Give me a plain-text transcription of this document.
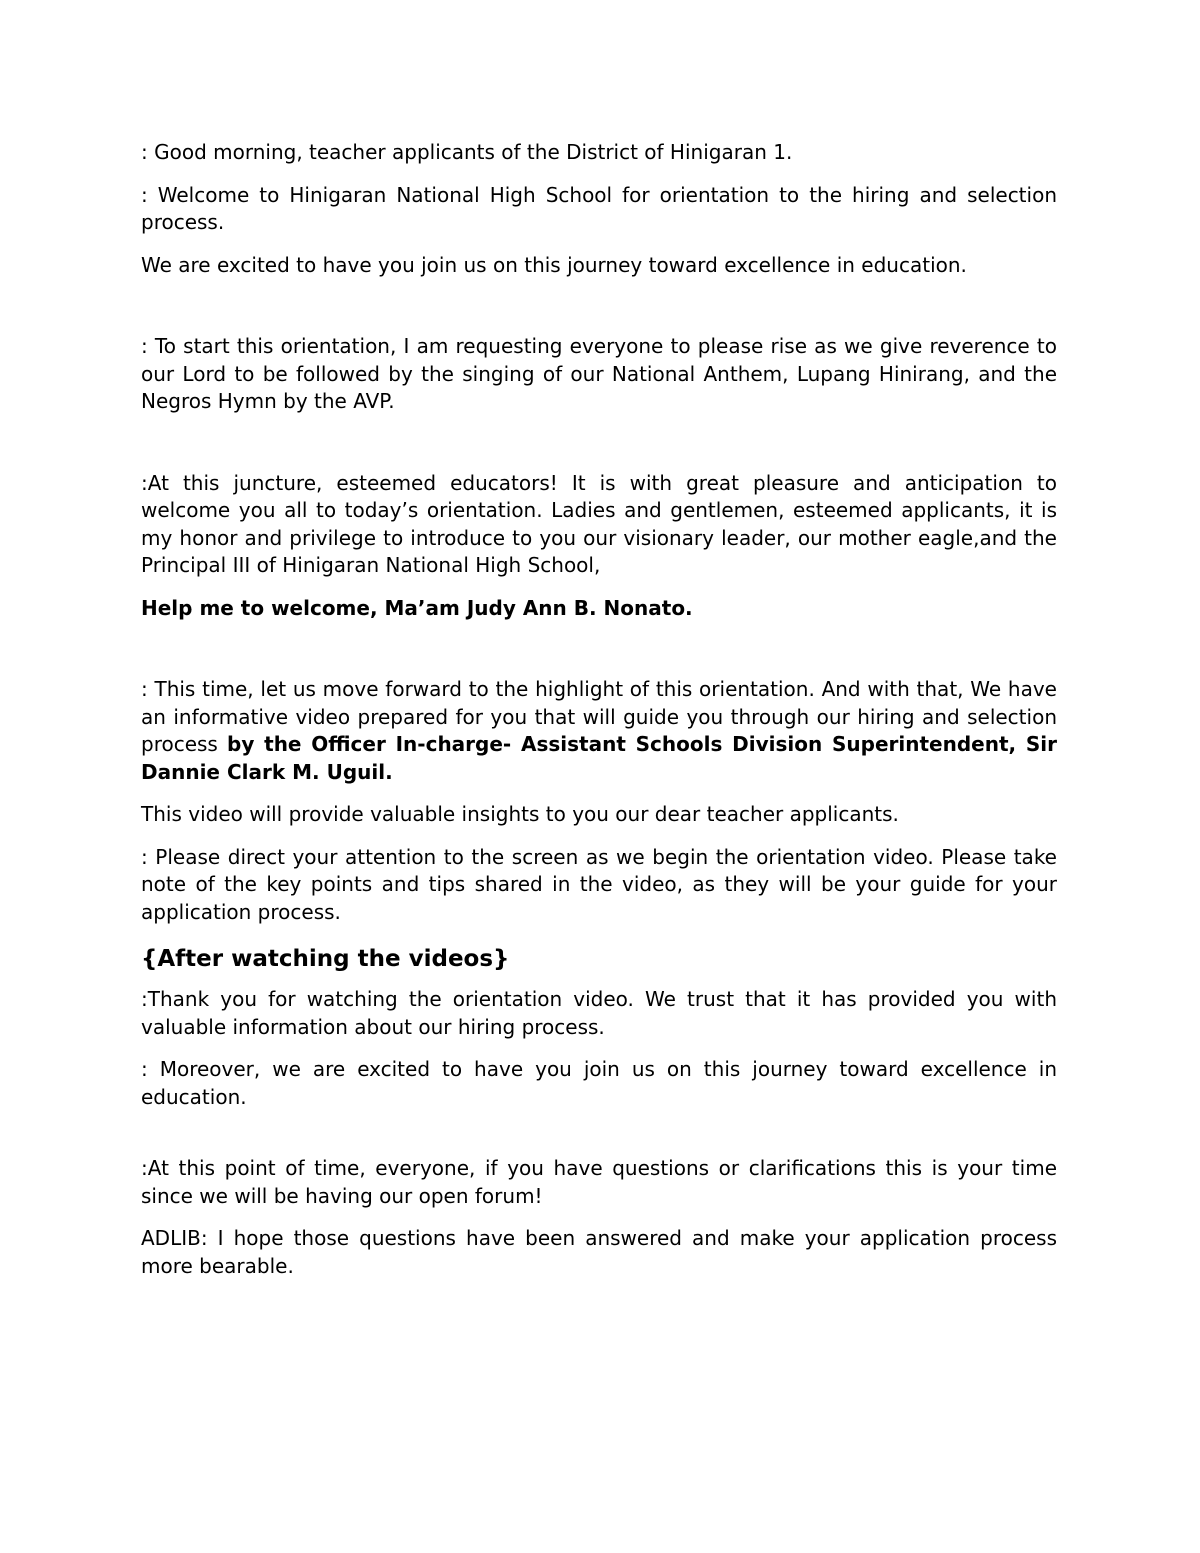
: Good morning, teacher applicants of the District of Hinigaran 1.

: Welcome to Hinigaran National High School for orientation to the hiring and selection process.

We are excited to have you join us on this journey toward excellence in education.

: To start this orientation, I am requesting everyone to please rise as we give reverence to our Lord to be followed by the singing of our National Anthem, Lupang Hinirang, and the Negros Hymn by the AVP.

:At this juncture, esteemed educators! It is with great pleasure and anticipation to welcome you all to today’s orientation. Ladies and gentlemen, esteemed applicants, it is my honor and privilege to introduce to you our visionary leader, our mother eagle,and the Principal III of Hinigaran National High School,

Help me to welcome, Ma’am Judy Ann B. Nonato.

: This time, let us move forward to the highlight of this orientation. And with that, We have an informative video prepared for you that will guide you through our hiring and selection process by the Officer In-charge- Assistant Schools Division Superintendent, Sir Dannie Clark M. Uguil.

This video will provide valuable insights to you our dear teacher applicants.

: Please direct your attention to the screen as we begin the orientation video. Please take note of the key points and tips shared in the video, as they will be your guide for your application process.

{After watching the videos}

:Thank you for watching the orientation video. We trust that it has provided you with valuable information about our hiring process.

: Moreover, we are excited to have you join us on this journey toward excellence in education.

:At this point of time, everyone, if you have questions or clarifications this is your time since we will be having our open forum!

ADLIB: I hope those questions have been answered and make your application process more bearable.
